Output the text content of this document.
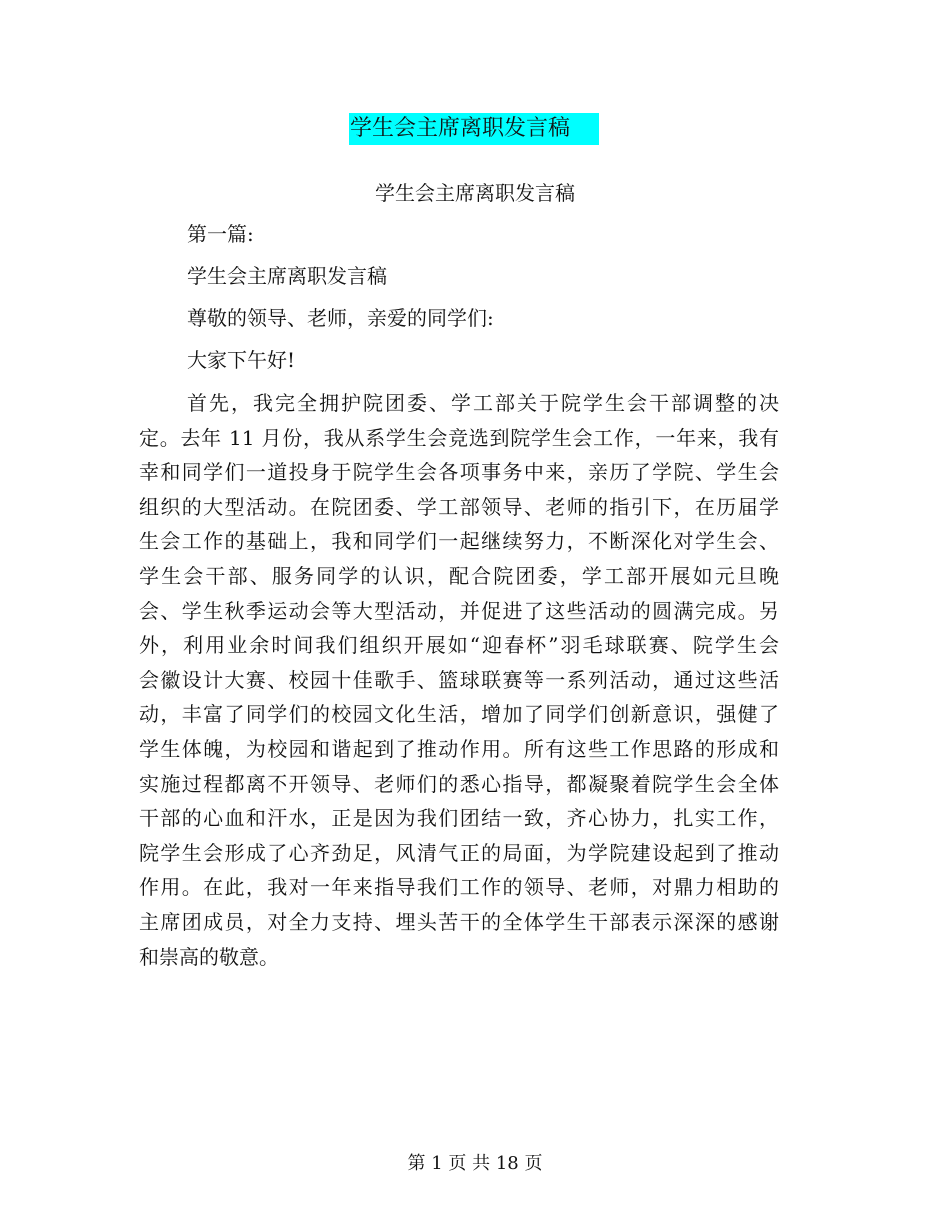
学生会主席离职发言稿
学生会主席离职发言稿
第一篇:
学生会主席离职发言稿
尊敬的领导、老师，亲爱的同学们:
大家下午好!
首先，我完全拥护院团委、学工部关于院学生会干部调整的决
定。去年 11 月份，我从系学生会竞选到院学生会工作，一年来，我有
幸和同学们一道投身于院学生会各项事务中来，亲历了学院、学生会
组织的大型活动。在院团委、学工部领导、老师的指引下，在历届学
生会工作的基础上，我和同学们一起继续努力，不断深化对学生会、
学生会干部、服务同学的认识，配合院团委，学工部开展如元旦晚
会、学生秋季运动会等大型活动，并促进了这些活动的圆满完成。另
外，利用业余时间我们组织开展如“迎春杯”羽毛球联赛、院学生会
会徽设计大赛、校园十佳歌手、篮球联赛等一系列活动，通过这些活
动，丰富了同学们的校园文化生活，增加了同学们创新意识，强健了
学生体魄，为校园和谐起到了推动作用。所有这些工作思路的形成和
实施过程都离不开领导、老师们的悉心指导，都凝聚着院学生会全体
干部的心血和汗水，正是因为我们团结一致，齐心协力，扎实工作，
院学生会形成了心齐劲足，风清气正的局面，为学院建设起到了推动
作用。在此，我对一年来指导我们工作的领导、老师，对鼎力相助的
主席团成员，对全力支持、埋头苦干的全体学生干部表示深深的感谢
和崇高的敬意。
第 1 页 共 18 页
